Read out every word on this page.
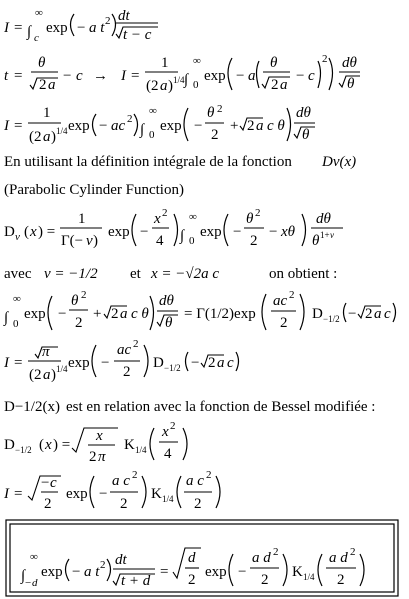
I = ∫
∞
c
exp − a t 2 dt
t − c
t =
θ
2 a
− c → I =
1
(2 a ) 1/4 ∫
∞
0
exp − a
θ
2 a
− c
2 dθ
θ
I =
1
(2 a ) 1/4 exp − ac 2
∫
∞
0
exp −
θ 2
2
+ 2 a c θ
dθ
θ
En utilisant la définition intégrale de la fonction Dν(x)
(Parabolic Cylinder Function)
D ν ( x ) =
1
Γ(− ν )
exp −
x 2
4 ∫
∞
0
exp −
θ 2
2
− xθ
dθ
θ 1+ ν
avec ν = −1/2 et x = −√2a c	on obtient :
∫
∞
0
exp −
θ 2
2
+ 2 a c θ
dθ
θ
= Γ(1/2)exp
ac 2
2
D −1/2 − 2 a c
I =
π
(2 a ) 1/4 exp −
ac 2
2
D −1/2 − 2 a c
D−1/2(x) est en relation avec la fonction de Bessel modifiée :
D −1/2 ( x ) =
x
2 π
K 1/4
x 2
4
I =
− c
2
exp −
a c 2
2
K 1/4
a c 2
2
∫
∞
− d
exp − a t 2 dt
t + d
=
d
2 exp −
a d 2
2 K 1/4
a d 2
2
